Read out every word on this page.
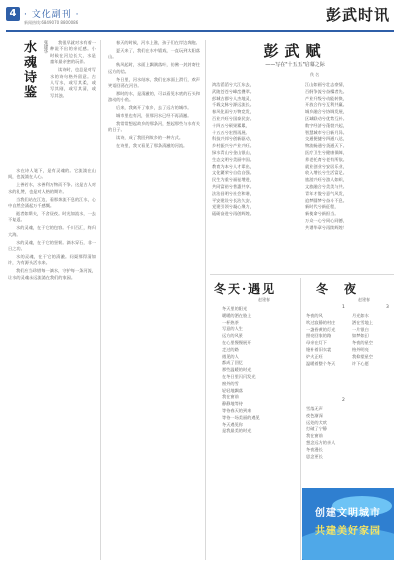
4 · 文化副刊 ·
新闻热线:6849070 8800086	彭武时讯
水魂诗鉴	张建华	我很早就对水有着一种说不出的亲近感。小时候在河边长大，水是童年最亲密的玩伴。

读诗时，也总是对写水的诗句格外留意。古人写水，或写其柔，或写其刚，或写其清，或写其浊。

水在诗人笔下，是有灵魂的。它流淌在山间，也流淌在人心。

上善若水，水善利万物而不争。这是古人对水的礼赞，也是对人格的期许。

当我们站在江边，看那奔流不息的江水，心中自然会涌起万千感慨。

逝者如斯夫，不舍昼夜。时光如流水，一去不复返。

水的灵魂，在于它的包容。千川百汇，终归大海。

水的灵魂，在于它的坚韧。滴水穿石，非一日之功。

水的灵魂，在于它的清澈。问渠那得清如许，为有源头活水来。

我们应当珍惜每一滴水，守护每一条河流，让水的灵魂永远流淌在我们的家园。

春天的时候，河水上涨，孩子们在岸边奔跑。

夏天来了，我们在水中嬉戏，一直玩到太阳落山。

秋风起时，水面上飘满落叶，仿佛一封封寄往远方的信。

冬日里，河水结冰，我们在冰面上滑行，欢声笑语回荡在河谷。

那时的水，是清澈的，可以看见水底的石头和游动的小鱼。

后来，我离开了家乡，去了远方的城市。

城市里也有河，但那河水已经不再清澈。

我常常想起故乡的那条河，想起那些与水有关的日子。

读诗，成了我回到故乡的一种方式。

在诗里，我又看见了那条清澈的河流。

彭武赋
——写在"十五五"启幕之际
佚 名
鸿浩滔滔兮大江东去，
武陵苍苍兮峰峦叠翠。
彭城古郡兮人杰地灵，
千载文脉兮源远流长。
春风化雨兮万物竞发，
百业兴旺兮国泰民安。
十四五兮硕果累累，
十五五兮宏图再展。
科技兴邦兮创新驱动，
乡村振兴兮产业兴旺。
绿水青山兮金山银山，
生态文明兮美丽中国。
教育为本兮人才辈出，
文化繁荣兮自信自强。
民生为重兮福祉增进，
共同富裕兮普惠共享。
法治昌明兮社会和谐，
平安建设兮长治久安。
党建引领兮凝心聚力，
砥砺奋进兮再创辉煌。
江山如画兮壮志豪情，
百舸争流兮奋楫者先。
产业升级兮动能转换，
开放合作兮互利共赢。
城乡融合兮协调发展，
区域联动兮优势互补。
数字经济兮蓬勃兴起，
智慧城市兮日新月异。
交通便捷兮四通八达，
物流畅通兮货通天下。
医疗卫生兮健康保障，
养老托育兮老有所依。
就业创业兮安居乐业，
收入增长兮生活富足。
旅游兴旺兮游人如织，
文旅融合兮美美与共。
青年才俊兮意气风发，
追梦圆梦兮奋斗不息。
新时代兮新征程，
新使命兮新担当。
万众一心兮同心同德，
共谱华章兮再续辉煌！
冬天·遇见
赵建春
冬天里的阳光
暖暖的洒在脸上
一杯热茶
写意的人生
远方的风景
在心里慢慢展开
走过的路
遇见的人
都成了回忆
那些温暖的时光
在冬日里闪闪发光
窗外的雪
轻轻地飘落
我在窗前
静静地等待
等待春天的到来
等待一场美丽的遇见
冬天遇见你
是我最美的时光
冬　夜
赵建春
1
冬夜的风
吹过寂静的村庄
一盏昏黄的灯光
照亮回家的路
母亲在灯下
缝补着旧衣裳
炉火正旺
温暖着整个冬天
月光如水
洒在雪地上
一片银白
如梦如幻
冬夜的星空
格外明亮
我仰望星空
许下心愿
2
雪落无声
夜色渐深
远处的犬吠
打破了宁静
我在窗前
想念远方的亲人
冬夜漫长
思念更长
3
创建文明城市
共建美好家园
